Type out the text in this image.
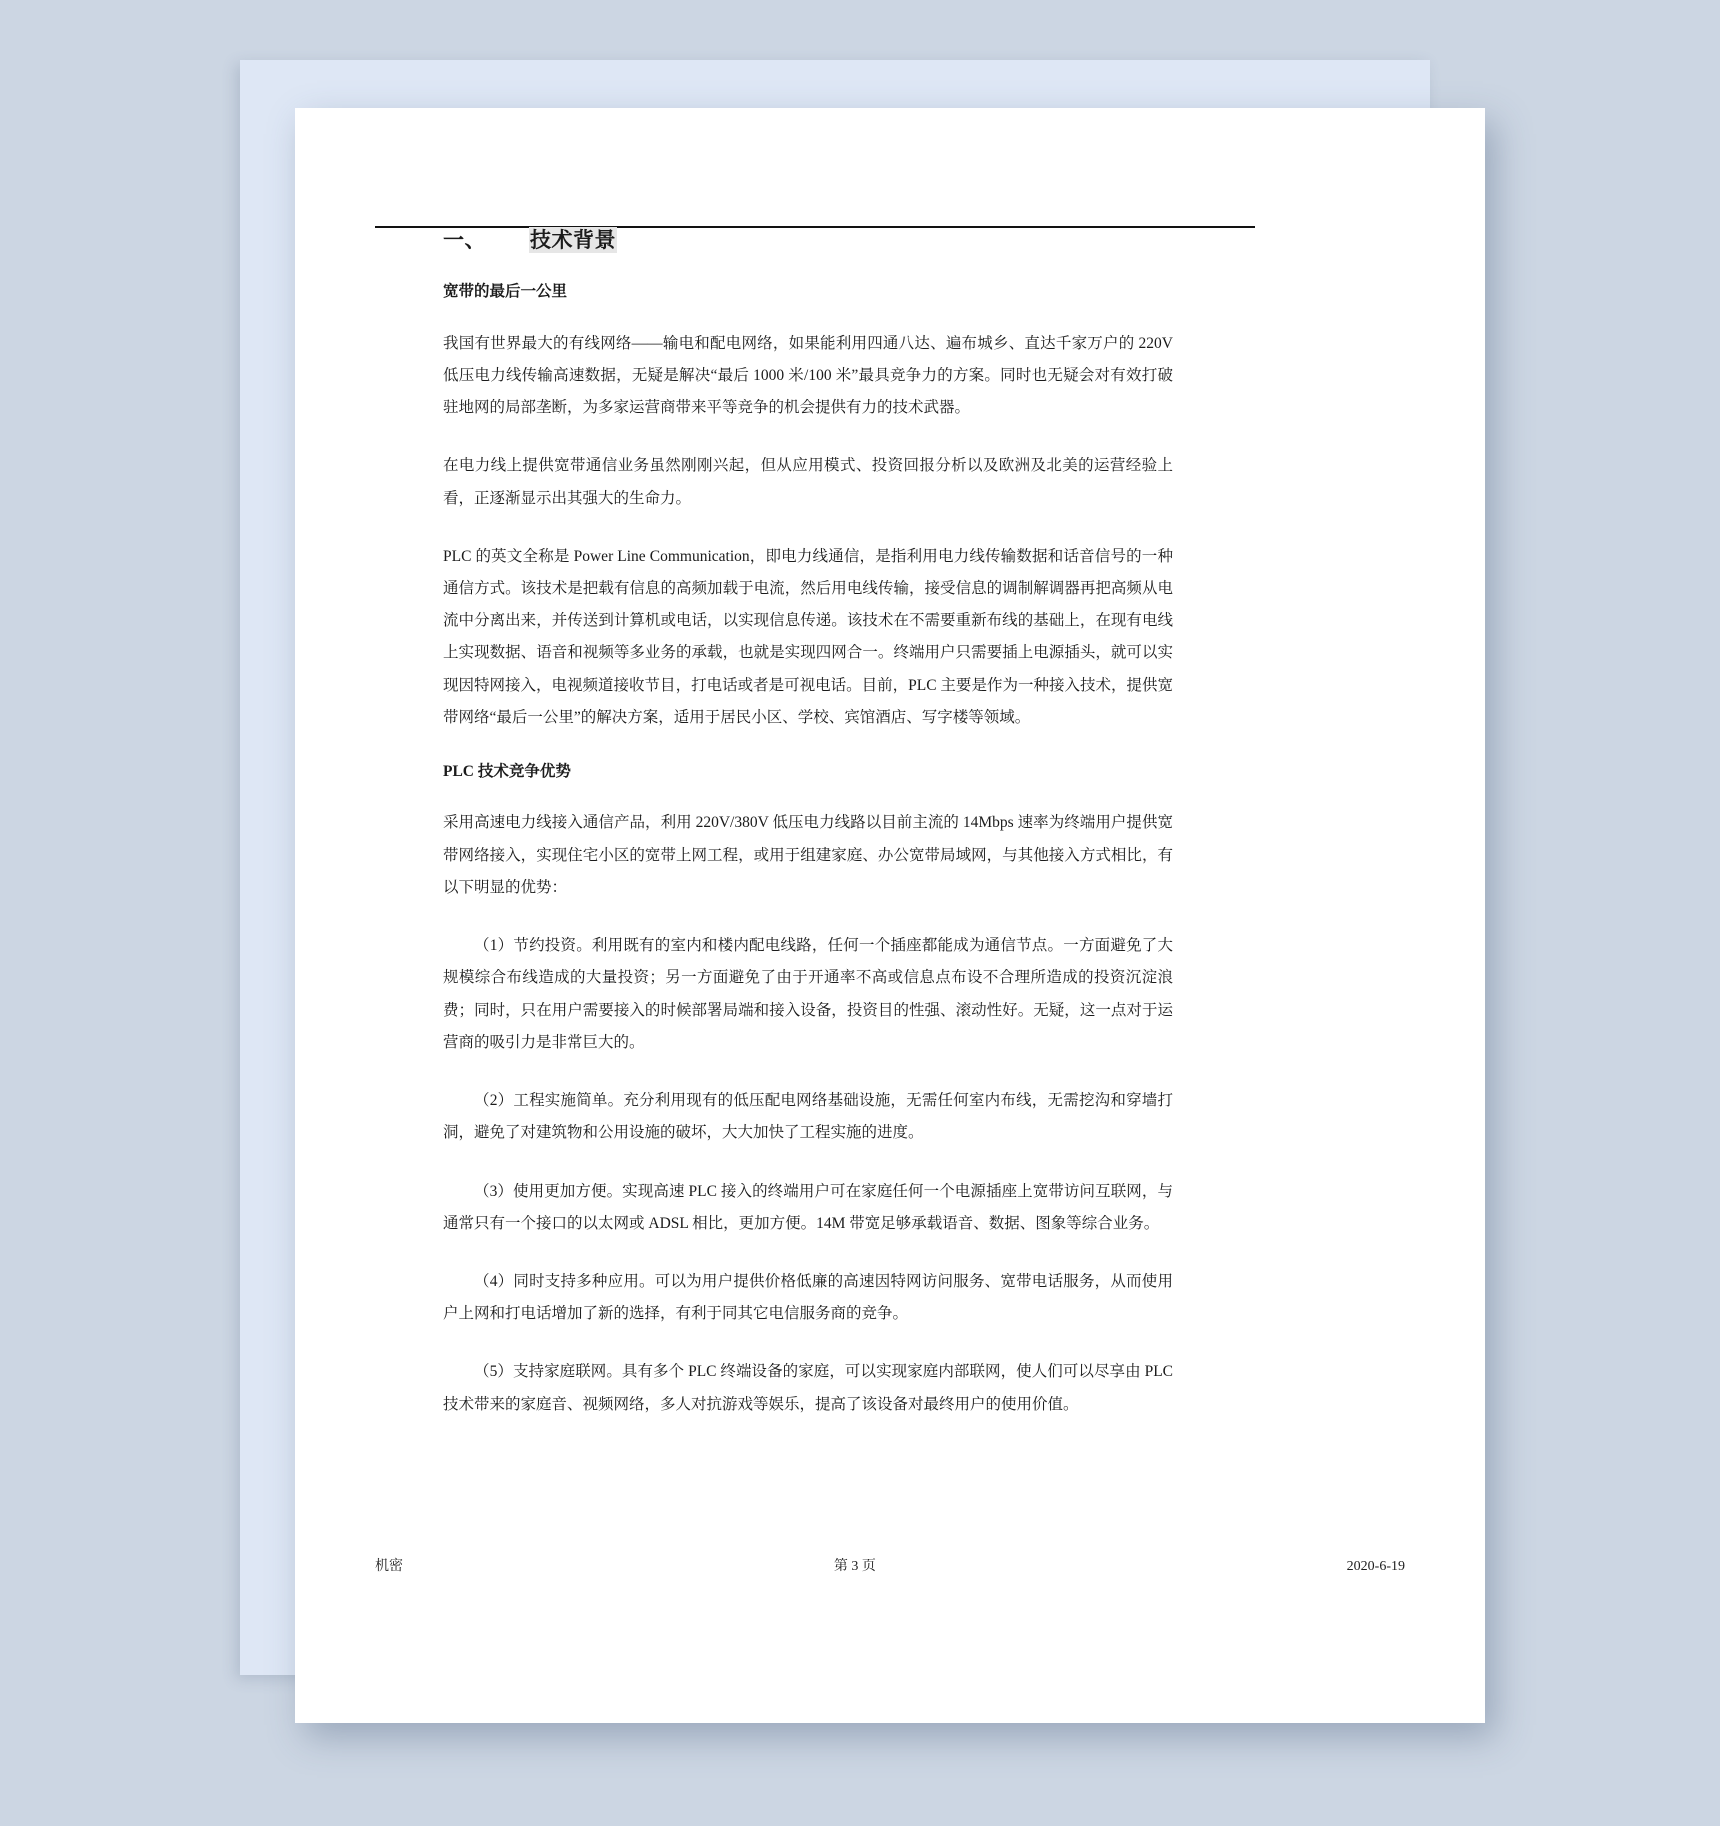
一、 技术背景
宽带的最后一公里

我国有世界最大的有线网络——输电和配电网络，如果能利用四通八达、遍布城乡、直达千家万户的 220V 低压电力线传输高速数据，无疑是解决“最后 1000 米/100 米”最具竞争力的方案。同时也无疑会对有效打破驻地网的局部垄断，为多家运营商带来平等竞争的机会提供有力的技术武器。

在电力线上提供宽带通信业务虽然刚刚兴起，但从应用模式、投资回报分析以及欧洲及北美的运营经验上看，正逐渐显示出其强大的生命力。

PLC 的英文全称是 Power Line Communication，即电力线通信，是指利用电力线传输数据和话音信号的一种通信方式。该技术是把载有信息的高频加载于电流，然后用电线传输，接受信息的调制解调器再把高频从电流中分离出来，并传送到计算机或电话，以实现信息传递。该技术在不需要重新布线的基础上，在现有电线上实现数据、语音和视频等多业务的承载，也就是实现四网合一。终端用户只需要插上电源插头，就可以实现因特网接入，电视频道接收节目，打电话或者是可视电话。目前，PLC 主要是作为一种接入技术，提供宽带网络“最后一公里”的解决方案，适用于居民小区、学校、宾馆酒店、写字楼等领域。

PLC 技术竞争优势

采用高速电力线接入通信产品，利用 220V/380V 低压电力线路以目前主流的 14Mbps 速率为终端用户提供宽带网络接入，实现住宅小区的宽带上网工程，或用于组建家庭、办公宽带局域网，与其他接入方式相比，有以下明显的优势：

（1）节约投资。利用既有的室内和楼内配电线路，任何一个插座都能成为通信节点。一方面避免了大规模综合布线造成的大量投资；另一方面避免了由于开通率不高或信息点布设不合理所造成的投资沉淀浪费；同时，只在用户需要接入的时候部署局端和接入设备，投资目的性强、滚动性好。无疑，这一点对于运营商的吸引力是非常巨大的。

（2）工程实施简单。充分利用现有的低压配电网络基础设施，无需任何室内布线，无需挖沟和穿墙打洞，避免了对建筑物和公用设施的破坏，大大加快了工程实施的进度。

（3）使用更加方便。实现高速 PLC 接入的终端用户可在家庭任何一个电源插座上宽带访问互联网，与通常只有一个接口的以太网或 ADSL 相比，更加方便。14M 带宽足够承载语音、数据、图象等综合业务。

（4）同时支持多种应用。可以为用户提供价格低廉的高速因特网访问服务、宽带电话服务，从而使用户上网和打电话增加了新的选择，有利于同其它电信服务商的竞争。

（5）支持家庭联网。具有多个 PLC 终端设备的家庭，可以实现家庭内部联网，使人们可以尽享由 PLC 技术带来的家庭音、视频网络，多人对抗游戏等娱乐，提高了该设备对最终用户的使用价值。

机密	第 3 页	2020-6-19
